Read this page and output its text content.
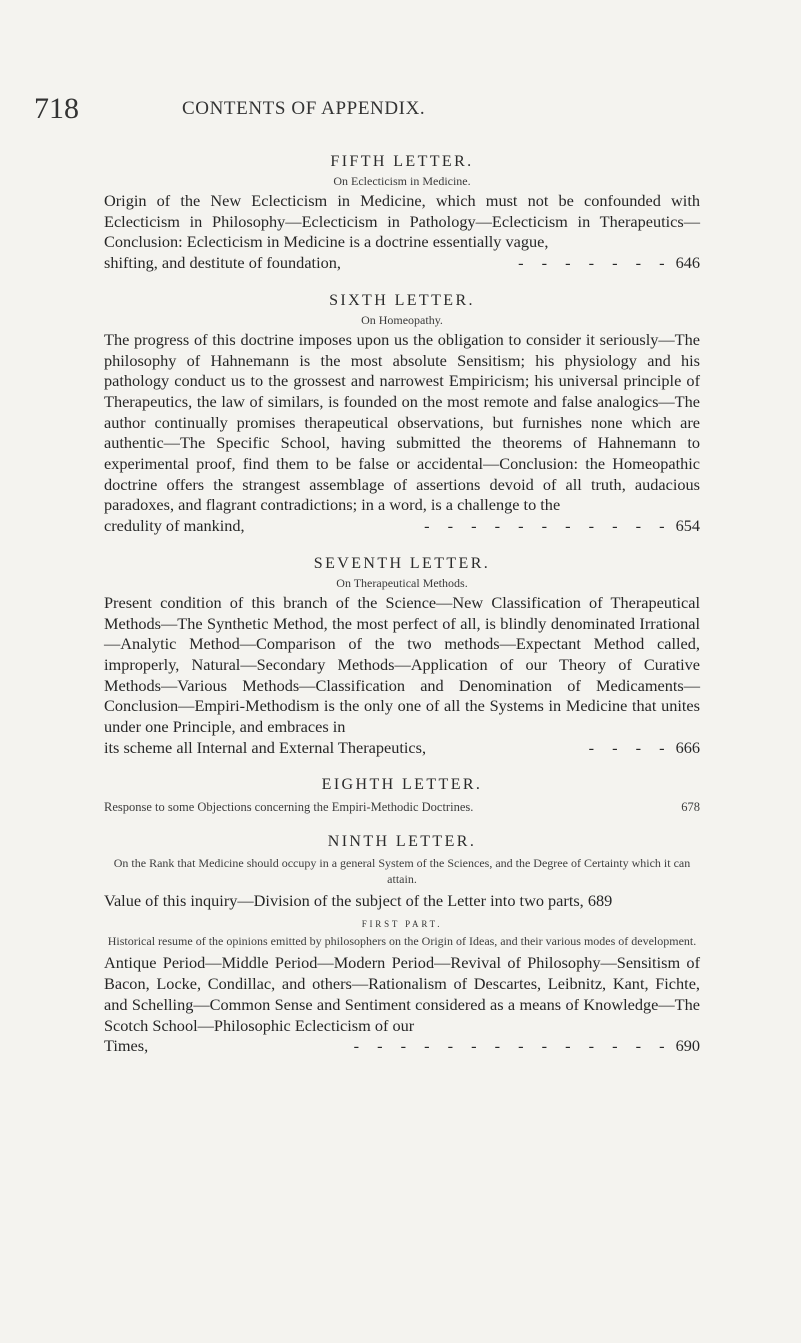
718	CONTENTS OF APPENDIX.

FIFTH LETTER.

On Eclecticism in Medicine.

Origin of the New Eclecticism in Medicine, which must not be confounded with Eclecticism in Philosophy—Eclecticism in Pathology—Eclecticism in Therapeutics—Conclusion: Eclecticism in Medicine is a doctrine essentially vague,
shifting, and destitute of foundation,	- - - - - - - 646

SIXTH LETTER.

On Homeopathy.

The progress of this doctrine imposes upon us the obligation to consider it seriously—The philosophy of Hahnemann is the most absolute Sensitism; his physiology and his pathology conduct us to the grossest and narrowest Empiricism; his universal principle of Therapeutics, the law of similars, is founded on the most remote and false analogics—The author continually promises therapeutical observations, but furnishes none which are authentic—The Specific School, having submitted the theorems of Hahnemann to experimental proof, find them to be false or accidental—Conclusion: the Homeopathic doctrine offers the strangest assemblage of assertions devoid of all truth, audacious paradoxes, and flagrant contradictions; in a word, is a challenge to the
credulity of mankind,	- - - - - - - - - - - 654

SEVENTH LETTER.

On Therapeutical Methods.

Present condition of this branch of the Science—New Classification of Therapeutical Methods—The Synthetic Method, the most perfect of all, is blindly denominated Irrational—Analytic Method—Comparison of the two methods—Expectant Method called, improperly, Natural—Secondary Methods—Application of our Theory of Curative Methods—Various Methods—Classification and Denomination of Medicaments—Conclusion—Empiri-Methodism is the only one of all the Systems in Medicine that unites under one Principle, and embraces in
its scheme all Internal and External Therapeutics,	- - - - 666

EIGHTH LETTER.

Response to some Objections concerning the Empiri-Methodic Doctrines.	678

NINTH LETTER.

On the Rank that Medicine should occupy in a general System of the Sciences, and the Degree of Certainty which it can attain.

Value of this inquiry—Division of the subject of the Letter into two parts, 689

FIRST PART.

Historical resume of the opinions emitted by philosophers on the Origin of Ideas, and their various modes of development.

Antique Period—Middle Period—Modern Period—Revival of Philosophy—Sensitism of Bacon, Locke, Condillac, and others—Rationalism of Descartes, Leibnitz, Kant, Fichte, and Schelling—Common Sense and Sentiment considered as a means of Knowledge—The Scotch School—Philosophic Eclecticism of our
Times,	- - - - - - - - - - - - - - 690
